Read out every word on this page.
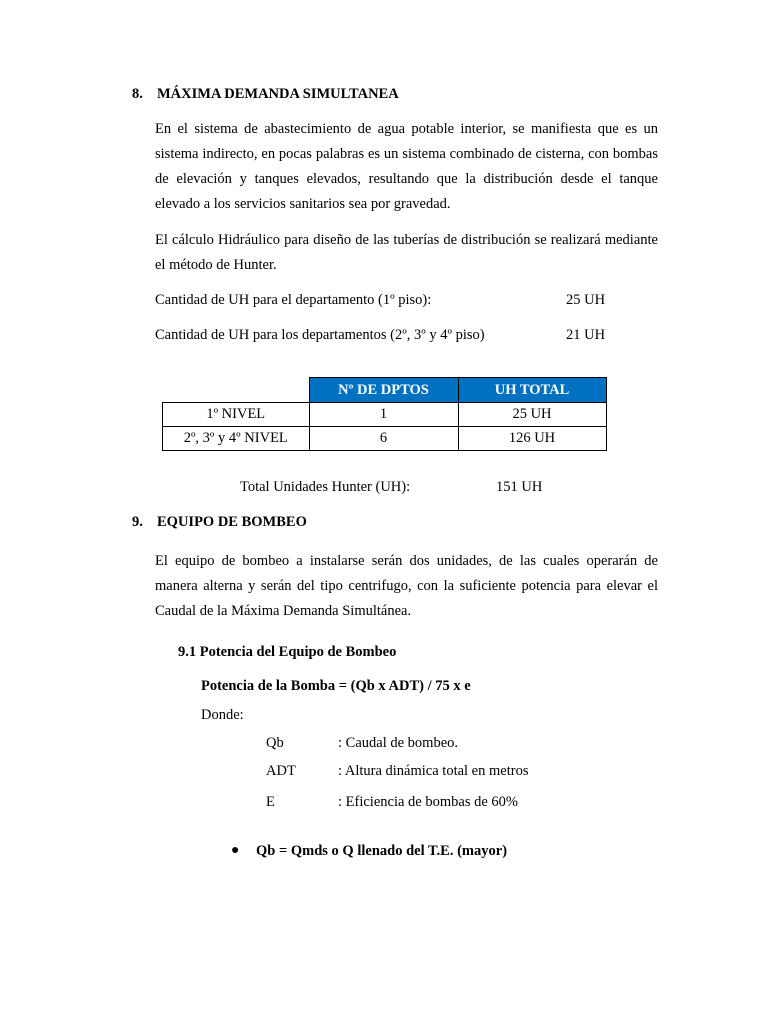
8. MÁXIMA DEMANDA SIMULTANEA
En el sistema de abastecimiento de agua potable interior, se manifiesta que es un sistema indirecto, en pocas palabras es un sistema combinado de cisterna, con bombas de elevación y tanques elevados, resultando que la distribución desde el tanque elevado a los servicios sanitarios sea por gravedad.
El cálculo Hidráulico para diseño de las tuberías de distribución se realizará mediante el método de Hunter.
Cantidad de UH para el departamento (1º piso):	25 UH
Cantidad de UH para los departamentos (2º, 3º y 4º piso)	21 UH
	Nº DE DPTOS	UH TOTAL
1º NIVEL	1	25 UH
2º, 3º y 4º NIVEL	6	126 UH
Total Unidades Hunter (UH):	151 UH
9. EQUIPO DE BOMBEO
El equipo de bombeo a instalarse serán dos unidades, de las cuales operarán de manera alterna y serán del tipo centrifugo, con la suficiente potencia para elevar el Caudal de la Máxima Demanda Simultánea.
9.1 Potencia del Equipo de Bombeo
Potencia de la Bomba = (Qb x ADT) / 75 x e
Donde:
Qb	: Caudal de bombeo.
ADT	: Altura dinámica total en metros
E	: Eficiencia de bombas de 60%
● Qb = Qmds o Q llenado del T.E. (mayor)
